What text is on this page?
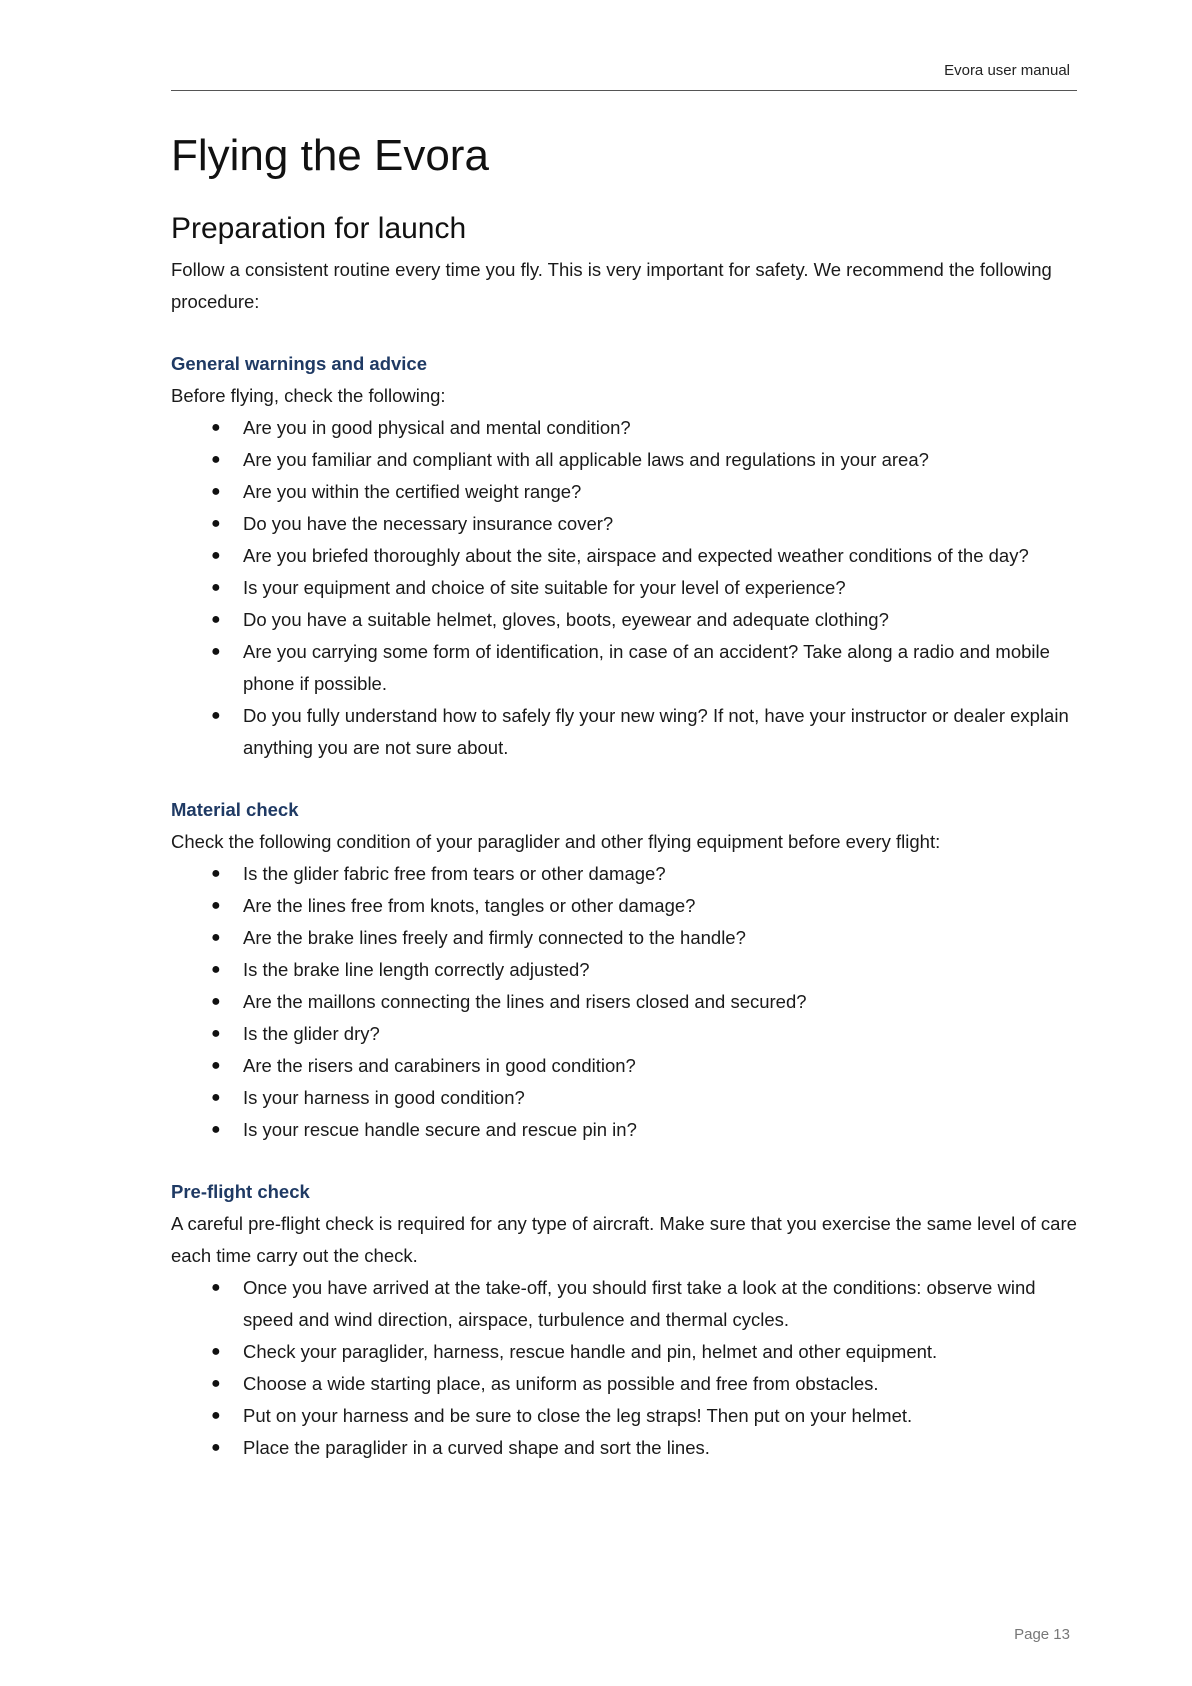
Evora user manual
Flying the Evora
Preparation for launch

Follow a consistent routine every time you fly. This is very important for safety. We recommend the following procedure:

General warnings and advice

Before flying, check the following:

● Are you in good physical and mental condition?
● Are you familiar and compliant with all applicable laws and regulations in your area?
● Are you within the certified weight range?
● Do you have the necessary insurance cover?
● Are you briefed thoroughly about the site, airspace and expected weather conditions of the day?
● Is your equipment and choice of site suitable for your level of experience?
● Do you have a suitable helmet, gloves, boots, eyewear and adequate clothing?
● Are you carrying some form of identification, in case of an accident? Take along a radio and mobile phone if possible.
● Do you fully understand how to safely fly your new wing? If not, have your instructor or dealer explain anything you are not sure about.
Material check

Check the following condition of your paraglider and other flying equipment before every flight:

● Is the glider fabric free from tears or other damage?
● Are the lines free from knots, tangles or other damage?
● Are the brake lines freely and firmly connected to the handle?
● Is the brake line length correctly adjusted?
● Are the maillons connecting the lines and risers closed and secured?
● Is the glider dry?
● Are the risers and carabiners in good condition?
● Is your harness in good condition?
● Is your rescue handle secure and rescue pin in?
Pre-flight check

A careful pre-flight check is required for any type of aircraft. Make sure that you exercise the same level of care each time carry out the check.

● Once you have arrived at the take-off, you should first take a look at the conditions: observe wind speed and wind direction, airspace, turbulence and thermal cycles.
● Check your paraglider, harness, rescue handle and pin, helmet and other equipment.
● Choose a wide starting place, as uniform as possible and free from obstacles.
● Put on your harness and be sure to close the leg straps! Then put on your helmet.
● Place the paraglider in a curved shape and sort the lines.
Page 13
